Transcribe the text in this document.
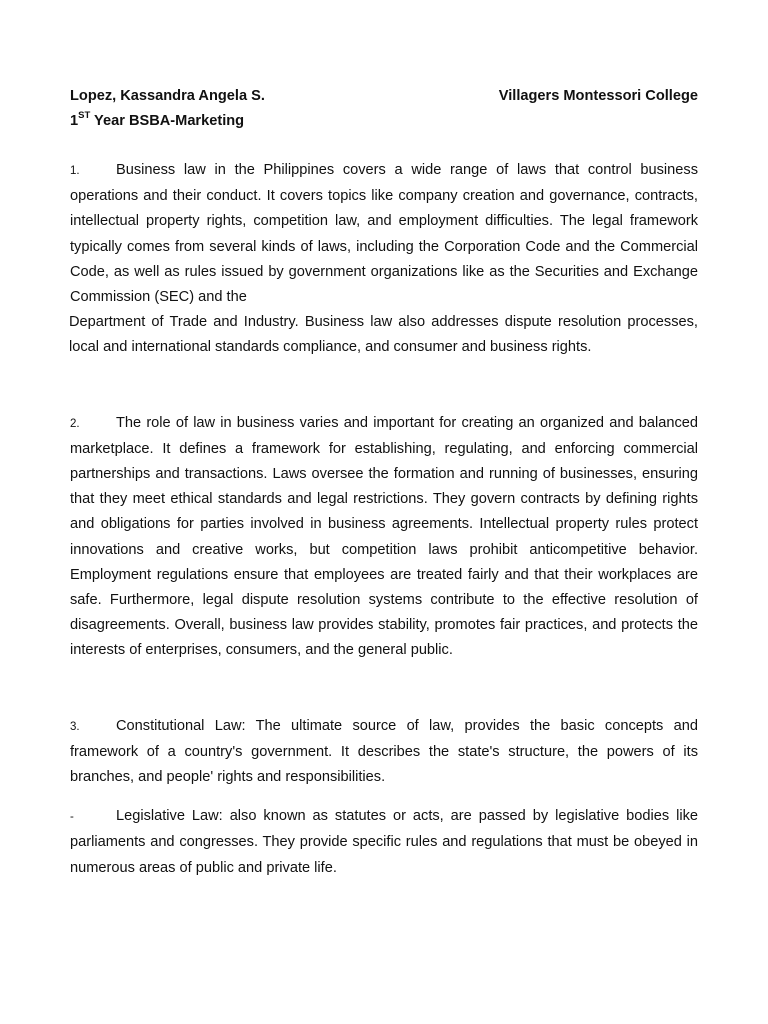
Lopez, Kassandra Angela S.	Villagers Montessori College
1ST Year BSBA-Marketing

1. Business law in the Philippines covers a wide range of laws that control business operations and their conduct. It covers topics like company creation and governance, contracts, intellectual property rights, competition law, and employment difficulties. The legal framework typically comes from several kinds of laws, including the Corporation Code and the Commercial Code, as well as rules issued by government organizations like as the Securities and Exchange Commission (SEC) and the

Department of Trade and Industry. Business law also addresses dispute resolution processes, local and international standards compliance, and consumer and business rights.

2. The role of law in business varies and important for creating an organized and balanced marketplace. It defines a framework for establishing, regulating, and enforcing commercial partnerships and transactions. Laws oversee the formation and running of businesses, ensuring that they meet ethical standards and legal restrictions. They govern contracts by defining rights and obligations for parties involved in business agreements. Intellectual property rules protect innovations and creative works, but competition laws prohibit anticompetitive behavior. Employment regulations ensure that employees are treated fairly and that their workplaces are safe. Furthermore, legal dispute resolution systems contribute to the effective resolution of disagreements. Overall, business law provides stability, promotes fair practices, and protects the interests of enterprises, consumers, and the general public.

3. Constitutional Law: The ultimate source of law, provides the basic concepts and framework of a country's government. It describes the state's structure, the powers of its branches, and people' rights and responsibilities.

-	Legislative Law: also known as statutes or acts, are passed by legislative bodies like parliaments and congresses. They provide specific rules and regulations that must be obeyed in numerous areas of public and private life.
